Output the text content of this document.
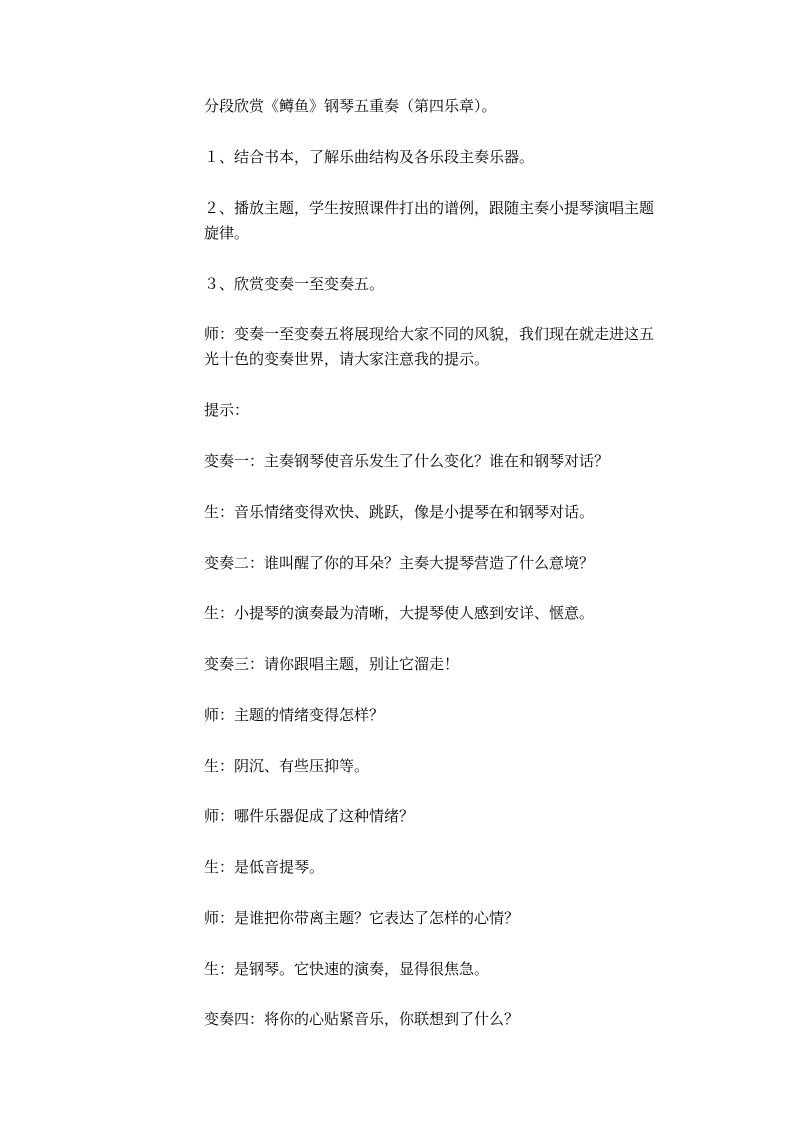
分段欣赏《鳟鱼》钢琴五重奏（第四乐章）。

１、结合书本，了解乐曲结构及各乐段主奏乐器。

２、播放主题，学生按照课件打出的谱例，跟随主奏小提琴演唱主题旋律。

３、欣赏变奏一至变奏五。

师：变奏一至变奏五将展现给大家不同的风貌，我们现在就走进这五光十色的变奏世界，请大家注意我的提示。

提示：

变奏一：主奏钢琴使音乐发生了什么变化？谁在和钢琴对话？

生：音乐情绪变得欢快、跳跃，像是小提琴在和钢琴对话。

变奏二：谁叫醒了你的耳朵？主奏大提琴营造了什么意境？

生：小提琴的演奏最为清晰，大提琴使人感到安详、惬意。

变奏三：请你跟唱主题，别让它溜走！

师：主题的情绪变得怎样？

生：阴沉、有些压抑等。

师：哪件乐器促成了这种情绪？

生：是低音提琴。

师：是谁把你带离主题？它表达了怎样的心情？

生：是钢琴。它快速的演奏，显得很焦急。

变奏四：将你的心贴紧音乐，你联想到了什么？
